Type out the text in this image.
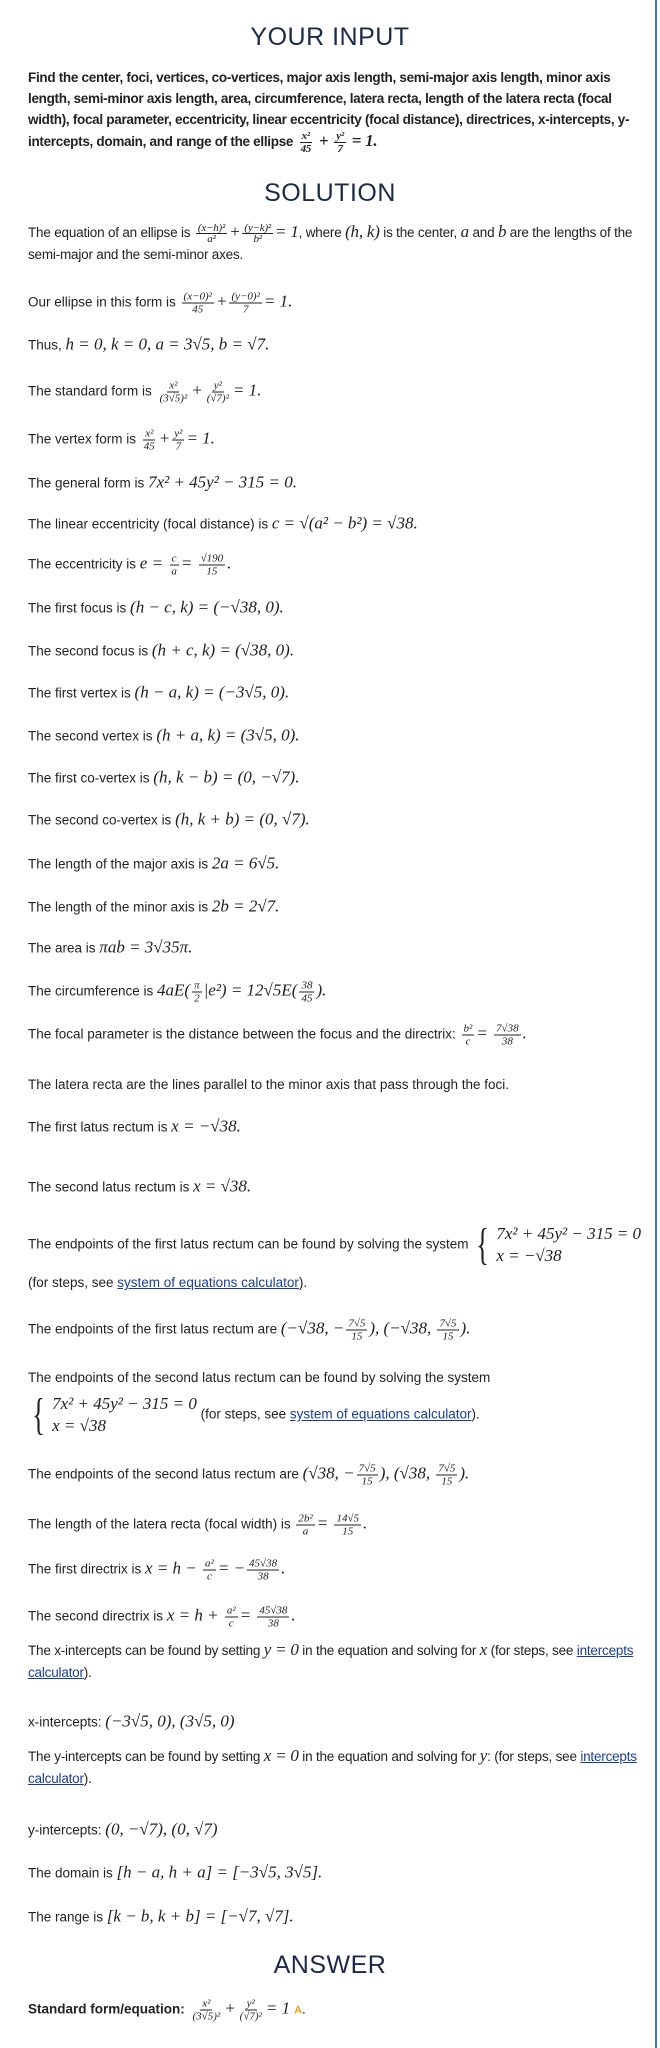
YOUR INPUT
Find the center, foci, vertices, co-vertices, major axis length, semi-major axis length, minor axis length, semi-minor axis length, area, circumference, latera recta, length of the latera recta (focal width), focal parameter, eccentricity, linear eccentricity (focal distance), directrices, x-intercepts, y-intercepts, domain, and range of the ellipse $\frac{\text{x²}}{45} + \frac{\text{y²}}{7} = 1$.
SOLUTION
The equation of an ellipse is $\frac{\text{(x−h)²}}{\text{a²}} + \frac{\text{(y−k)²}}{\text{b²}} = 1$, where (h, k) is the center, a and b are the lengths of the semi-major and the semi-minor axes.
Our ellipse in this form is $\frac{\text{(x−0)²}}{45} + \frac{\text{(y−0)²}}{7} = 1$.
Thus, h = 0, k = 0, a = 3√5, b = √7.
The standard form is $\frac{\text{x²}}{\text{(3√5)²}} + \frac{\text{y²}}{\text{(√7)²}} = 1$.
The vertex form is $\frac{\text{x²}}{45} + \frac{\text{y²}}{7} = 1$.
The general form is 7x² + 45y² − 315 = 0.
The linear eccentricity (focal distance) is c = √(a² − b²) = √38.
The eccentricity is $e = \frac{c}{a} = \frac{√190}{15}$ .
The first focus is (h − c, k) = (−√38, 0).
The second focus is (h + c, k) = (√38, 0).
The first vertex is (h − a, k) = (−3√5, 0).
The second vertex is (h + a, k) = (3√5, 0).
The first co-vertex is (h, k − b) = (0, −√7).
The second co-vertex is (h, k + b) = (0, √7).
The length of the major axis is 2a = 6√5.
The length of the minor axis is 2b = 2√7.
The area is πab = 3√35π.
The circumference is $4aE( \frac{\pi}{2} |e^2) = 12√5E( \frac{38}{45}$ ).
The focal parameter is the distance between the focus and the directrix: $\frac{\text{b²}}{c} = \frac{7√38}{38}$ .
The latera recta are the lines parallel to the minor axis that pass through the foci.
The first latus rectum is x = −√38.
The second latus rectum is x = √38.
The endpoints of the first latus rectum can be found by solving the system { 7x² + 45y² − 315 = 0
x = −√38
(for steps, see system of equations calculator).
The endpoints of the first latus rectum are (−√38, − $\frac{7√5}{15}$ ), (−√38, $\frac{7√5}{15}$ ).
The endpoints of the second latus rectum can be found by solving the system
{ 7x² + 45y² − 315 = 0
x = √38
(for steps, see system of equations calculator).
The endpoints of the second latus rectum are (√38, − $\frac{7√5}{15}$ ), (√38, $\frac{7√5}{15}$ ).
The length of the latera recta (focal width) is $\frac{\text{2b²}}{a} = \frac{14√5}{15}$ .
The first directrix is $x = h - \frac{\text{a²}}{c}$ = − $\frac{45√38}{38}$ .
The second directrix is $x = h + \frac{\text{a²}}{c} = \frac{45√38}{38}$ .
The x-intercepts can be found by setting y = 0 in the equation and solving for x (for steps, see intercepts calculator).
x-intercepts: (−3√5, 0), (3√5, 0)
The y-intercepts can be found by setting x = 0 in the equation and solving for y: (for steps, see intercepts calculator).
y-intercepts: (0, −√7), (0, √7)
The domain is [h − a, h + a] = [−3√5, 3√5].
The range is [k − b, k + b] = [−√7, √7].
ANSWER
Standard form/equation: $\frac{\text{x²}}{\text{(3√5)²}} + \frac{\text{y²}}{\text{(√7)²}} = 1$ A.
